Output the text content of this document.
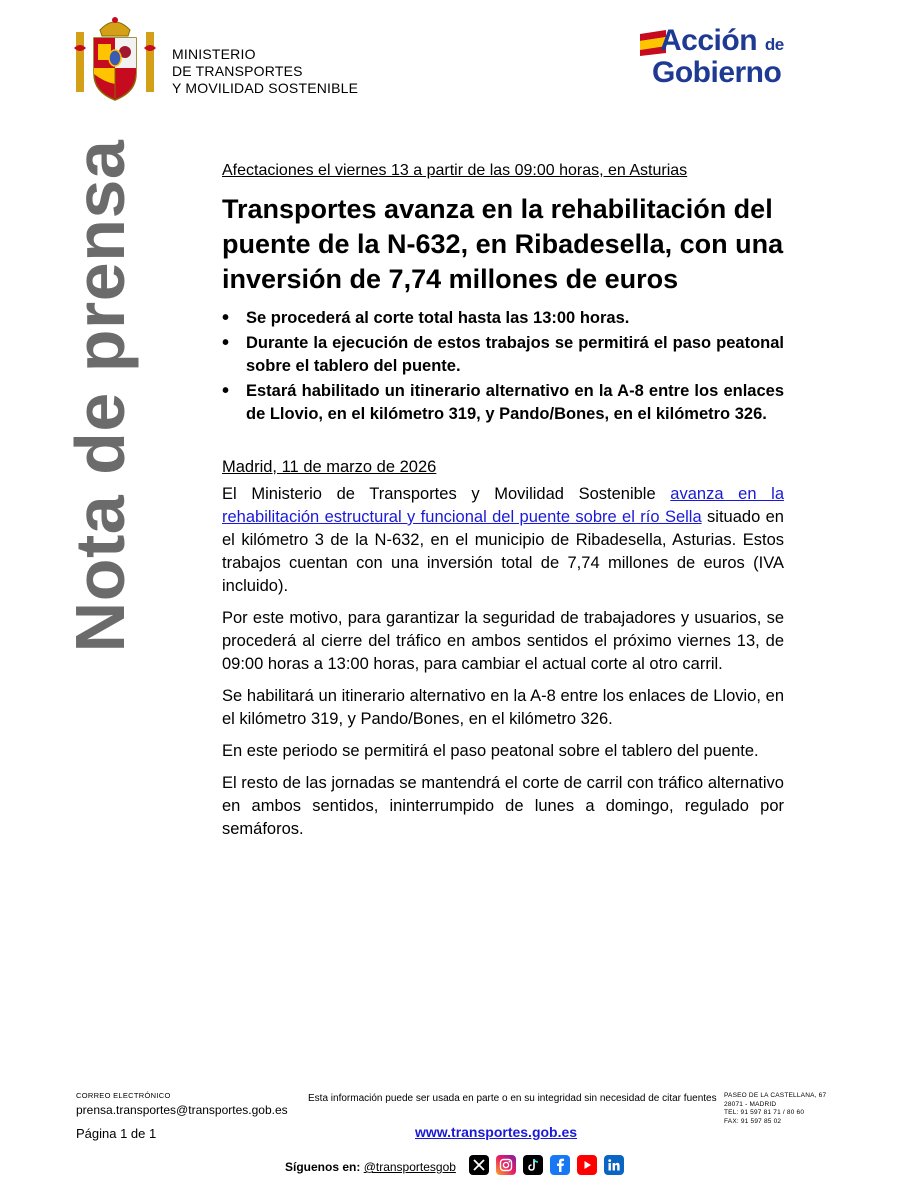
MINISTERIO
DE TRANSPORTES
Y MOVILIDAD SOSTENIBLE
Acción de
Gobierno
Nota de prensa	Afectaciones el viernes 13 a partir de las 09:00 horas, en Asturias
Transportes avanza en la rehabilitación del puente de la N-632, en Ribadesella, con una inversión de 7,74 millones de euros
• Se procederá al corte total hasta las 13:00 horas.
• Durante la ejecución de estos trabajos se permitirá el paso peatonal sobre el tablero del puente.
• Estará habilitado un itinerario alternativo en la A-8 entre los enlaces de Llovio, en el kilómetro 319, y Pando/Bones, en el kilómetro 326.
Madrid, 11 de marzo de 2026

El Ministerio de Transportes y Movilidad Sostenible avanza en la rehabilitación estructural y funcional del puente sobre el río Sella situado en el kilómetro 3 de la N-632, en el municipio de Ribadesella, Asturias. Estos trabajos cuentan con una inversión total de 7,74 millones de euros (IVA incluido).

Por este motivo, para garantizar la seguridad de trabajadores y usuarios, se procederá al cierre del tráfico en ambos sentidos el próximo viernes 13, de 09:00 horas a 13:00 horas, para cambiar el actual corte al otro carril.

Se habilitará un itinerario alternativo en la A-8 entre los enlaces de Llovio, en el kilómetro 319, y Pando/Bones, en el kilómetro 326.

En este periodo se permitirá el paso peatonal sobre el tablero del puente.

El resto de las jornadas se mantendrá el corte de carril con tráfico alternativo en ambos sentidos, ininterrumpido de lunes a domingo, regulado por semáforos.

CORREO ELECTRÓNICO
prensa.transportes@transportes.gob.es
Esta información puede ser usada en parte o en su integridad sin necesidad de citar fuentes PASEO DE LA CASTELLANA, 67
28071 - MADRID
TEL: 91 597 81 71 / 80 60
FAX: 91 597 85 02
Página 1 de 1	www.transportes.gob.es
Síguenos en: @transportesgob
